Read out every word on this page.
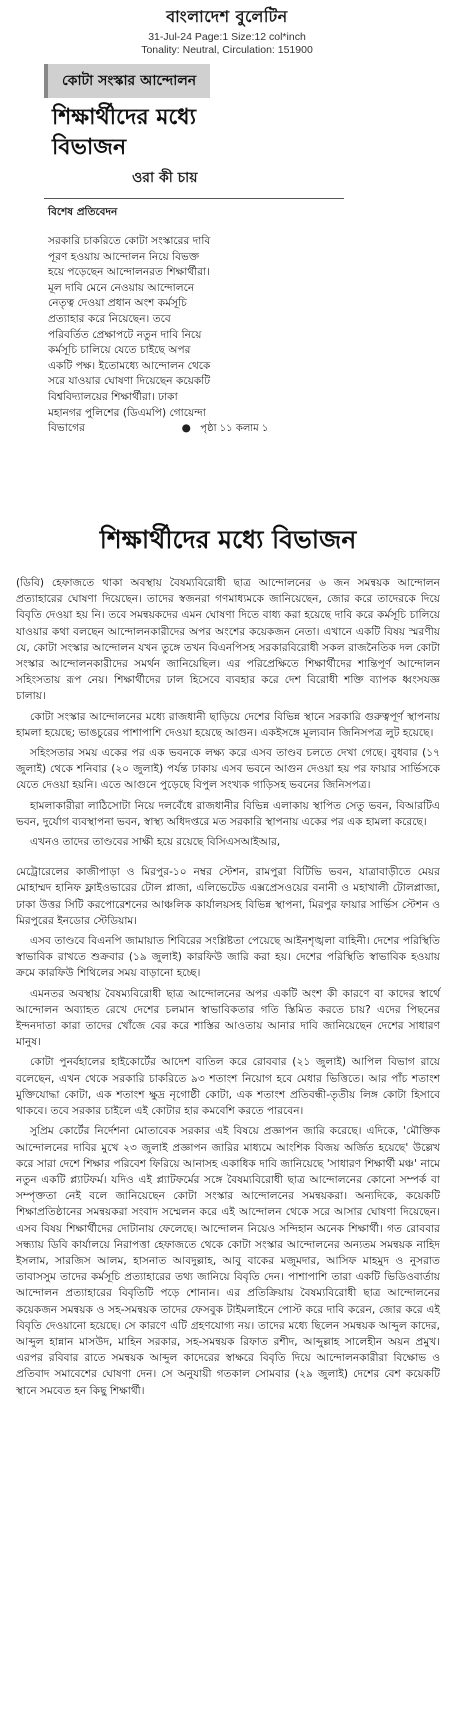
বাংলাদেশ বুলেটিন
31-Jul-24 Page:1 Size:12 col*inch
Tonality: Neutral, Circulation: 151900
কোটা সংস্কার আন্দোলন
শিক্ষার্থীদের মধ্যে
বিভাজন
ওরা কী চায়
বিশেষ প্রতিবেদন
সরকারি চাকরিতে কোটা সংস্কারের দাবি
পূরণ হওয়ায় আন্দোলন নিয়ে বিভক্ত
হয়ে পড়েছেন আন্দোলনরত শিক্ষার্থীরা।
মূল দাবি মেনে নেওয়ায় আন্দোলনে
নেতৃত্ব দেওয়া প্রধান অংশ কর্মসূচি
প্রত্যাহার করে নিয়েছেন। তবে
পরিবর্তিত প্রেক্ষাপটে নতুন দাবি নিয়ে
কর্মসূচি চালিয়ে যেতে চাইছে অপর
একটি পক্ষ। ইতোমধ্যে আন্দোলন থেকে
সরে যাওয়ার ঘোষণা দিয়েছেন কয়েকটি
বিশ্ববিদ্যালয়ের শিক্ষার্থীরা। ঢাকা
মহানগর পুলিশের (ডিএমপি) গোয়েন্দা
বিভাগের	● পৃষ্ঠা ১১ কলাম ১
শিক্ষার্থীদের মধ্যে বিভাজন

(ডিবি) হেফাজতে থাকা অবস্থায় বৈষম্যবিরোধী ছাত্র আন্দোলনের ৬ জন সমন্বয়ক আন্দোলন প্রত্যাহারের ঘোষণা দিয়েছেন। তাদের স্বজনরা গণমাধ্যমকে জানিয়েছেন, জোর করে তাদেরকে দিয়ে বিবৃতি দেওয়া হয় নি। তবে সমন্বয়কদের এমন ঘোষণা দিতে বাধ্য করা হয়েছে দাবি করে কর্মসূচি চালিয়ে যাওয়ার কথা বলছেন আন্দোলনকারীদের অপর অংশের কয়েকজন নেতা। এখানে একটি বিষয় স্মরণীয় যে, কোটা সংস্কার আন্দোলন যখন তুঙ্গে তখন বিএনপিসহ সরকারবিরোধী সকল রাজনৈতিক দল কোটা সংস্কার আন্দোলনকারীদের সমর্থন জানিয়েছিল। এর পরিপ্রেক্ষিতে শিক্ষার্থীদের শান্তিপূর্ণ আন্দোলন সহিংসতায় রূপ নেয়। শিক্ষার্থীদের ঢাল হিসেবে ব্যবহার করে দেশ বিরোধী শক্তি ব্যাপক ধ্বংসযজ্ঞ চালায়।

কোটা সংস্কার আন্দোলনের মধ্যে রাজধানী ছাড়িয়ে দেশের বিভিন্ন স্থানে সরকারি গুরুত্বপূর্ণ স্থাপনায় হামলা হয়েছে; ভাঙচুরের পাশাপাশি দেওয়া হয়েছে আগুন। একইসঙ্গে মূল্যবান জিনিসপত্র লুট হয়েছে।

সহিংসতার সময় একের পর এক ভবনকে লক্ষ্য করে এসব তাণ্ডব চলতে দেখা গেছে। বুধবার (১৭ জুলাই) থেকে শনিবার (২০ জুলাই) পর্যন্ত ঢাকায় এসব ভবনে আগুন দেওয়া হয় পর ফায়ার সার্ভিসকে যেতে দেওয়া হয়নি। এতে আগুনে পুড়েছে বিপুল সংখ্যক গাড়িসহ ভবনের জিনিসপত্র।

হামলাকারীরা লাঠিসোটা নিয়ে দলবেঁধে রাজধানীর বিভিন্ন এলাকায় স্থাপিত সেতু ভবন, বিআরটিএ ভবন, দুর্যোগ ব্যবস্থাপনা ভবন, স্বাস্থ্য অধিদপ্তরে মত সরকারি স্থাপনায় একের পর এক হামলা করেছে।

এখনও তাদের তাণ্ডবের সাক্ষী হয়ে রয়েছে বিসিএসআইআর,

মেট্রোরেলের কাজীপাড়া ও মিরপুর-১০ নম্বর স্টেশন, রামপুরা বিটিভি ভবন, যাত্রাবাড়ীতে মেয়র মোহাম্মদ হানিফ ফ্লাইওভারের টোল প্লাজা, এলিভেটেড এক্সপ্রেসওয়ের বনানী ও মহাখালী টোলপ্লাজা, ঢাকা উত্তর সিটি করপোরেশনের আঞ্চলিক কার্যালয়সহ বিভিন্ন স্থাপনা, মিরপুর ফায়ার সার্ভিস স্টেশন ও মিরপুরের ইনডোর স্টেডিয়াম।

এসব তাণ্ডবে বিএনপি জামায়াত শিবিরের সংশ্লিষ্টতা পেয়েছে আইনশৃঙ্খলা বাহিনী। দেশের পরিস্থিতি স্বাভাবিক রাখতে শুক্রবার (১৯ জুলাই) কারফিউ জারি করা হয়। দেশের পরিস্থিতি স্বাভাবিক হওয়ায় ক্রমে কারফিউ শিথিলের সময় বাড়ানো হচ্ছে।

এমনতর অবস্থায় বৈষম্যবিরোধী ছাত্র আন্দোলনের অপর একটি অংশ কী কারণে বা কাদের স্বার্থে আন্দোলন অব্যাহত রেখে দেশের চলমান স্বাভাবিকতার গতি স্তিমিত করতে চায়? এদের পিছনের ইন্দনদাতা কারা তাদের খোঁজে বের করে শাস্তির আওতায় আনার দাবি জানিয়েছেন দেশের সাধারণ মানুষ।

কোটা পুনর্বহালের হাইকোর্টের আদেশ বাতিল করে রোববার (২১ জুলাই) আপিল বিভাগ রায়ে বলেছেন, এখন থেকে সরকারি চাকরিতে ৯৩ শতাংশ নিয়োগ হবে মেধার ভিত্তিতে। আর পাঁচ শতাংশ মুক্তিযোদ্ধা কোটা, এক শতাংশ ক্ষুদ্র নৃগোষ্ঠী কোটা, এক শতাংশ প্রতিবন্ধী-তৃতীয় লিঙ্গ কোটা হিসাবে থাকবে। তবে সরকার চাইলে এই কোটার হার কমবেশি করতে পারবেন।

সুপ্রিম কোর্টের নির্দেশনা মোতাবেক সরকার এই বিষয়ে প্রজ্ঞাপন জারি করেছে। এদিকে, 'মৌক্তিক আন্দোলনের দাবির মুখে ২৩ জুলাই প্রজ্ঞাপন জারির মাধ্যমে আংশিক বিজয় অর্জিত হয়েছে' উল্লেখ করে সারা দেশে শিক্ষার পরিবেশ ফিরিয়ে আনাসহ একাধিক দাবি জানিয়েছে 'সাধারণ শিক্ষার্থী মঞ্চ' নামে নতুন একটি প্ল্যাটফর্ম। যদিও এই প্ল্যাটফর্মের সঙ্গে বৈষম্যবিরোধী ছাত্র আন্দোলনের কোনো সম্পর্ক বা সম্পৃক্ততা নেই বলে জানিয়েছেন কোটা সংস্কার আন্দোলনের সমন্বয়করা। অন্যদিকে, কয়েকটি শিক্ষাপ্রতিষ্ঠানের সমন্বয়করা সংবাদ সম্মেলন করে এই আন্দোলন থেকে সরে আসার ঘোষণা দিয়েছেন। এসব বিষয় শিক্ষার্থীদের দোটানায় ফেলেছে। আন্দোলন নিয়েও সন্দিহান অনেক শিক্ষার্থী। গত রোববার সন্ধ্যায় ডিবি কার্যালয়ে নিরাপত্তা হেফাজতে থেকে কোটা সংস্কার আন্দোলনের অন্যতম সমন্বয়ক নাহিদ ইসলাম, সারজিস আলম, হাসনাত আবদুল্লাহ, আবু বাকের মজুমদার, আসিফ মাহমুদ ও নুসরাত তাবাসসুম তাদের কর্মসূচি প্রত্যাহারের তথ্য জানিয়ে বিবৃতি দেন। পাশাপাশি তারা একটি ভিডিওবার্তায় আন্দোলন প্রত্যাহারের বিবৃতিটি পড়ে শোনান। এর প্রতিক্রিয়ায় বৈষম্যবিরোধী ছাত্র আন্দোলনের কয়েকজন সমন্বয়ক ও সহ-সমন্বয়ক তাদের ফেসবুক টাইমলাইনে পোস্ট করে দাবি করেন, জোর করে এই বিবৃতি দেওয়ানো হয়েছে। সে কারণে এটি গ্রহণযোগ্য নয়। তাদের মধ্যে ছিলেন সমন্বয়ক আব্দুল কাদের, আব্দুল হান্নান মাসউদ, মাহিন সরকার, সহ-সমন্বয়ক রিফাত রশীদ, আব্দুল্লাহ সালেহীন অয়ন প্রমুখ। এরপর রবিবার রাতে সমন্বয়ক আব্দুল কাদেরের স্বাক্ষরে বিবৃতি দিয়ে আন্দোলনকারীরা বিক্ষোভ ও প্রতিবাদ সমাবেশের ঘোষণা দেন। সে অনুযায়ী গতকাল সোমবার (২৯ জুলাই) দেশের বেশ কয়েকটি স্থানে সমবেত হন কিছু শিক্ষার্থী।
